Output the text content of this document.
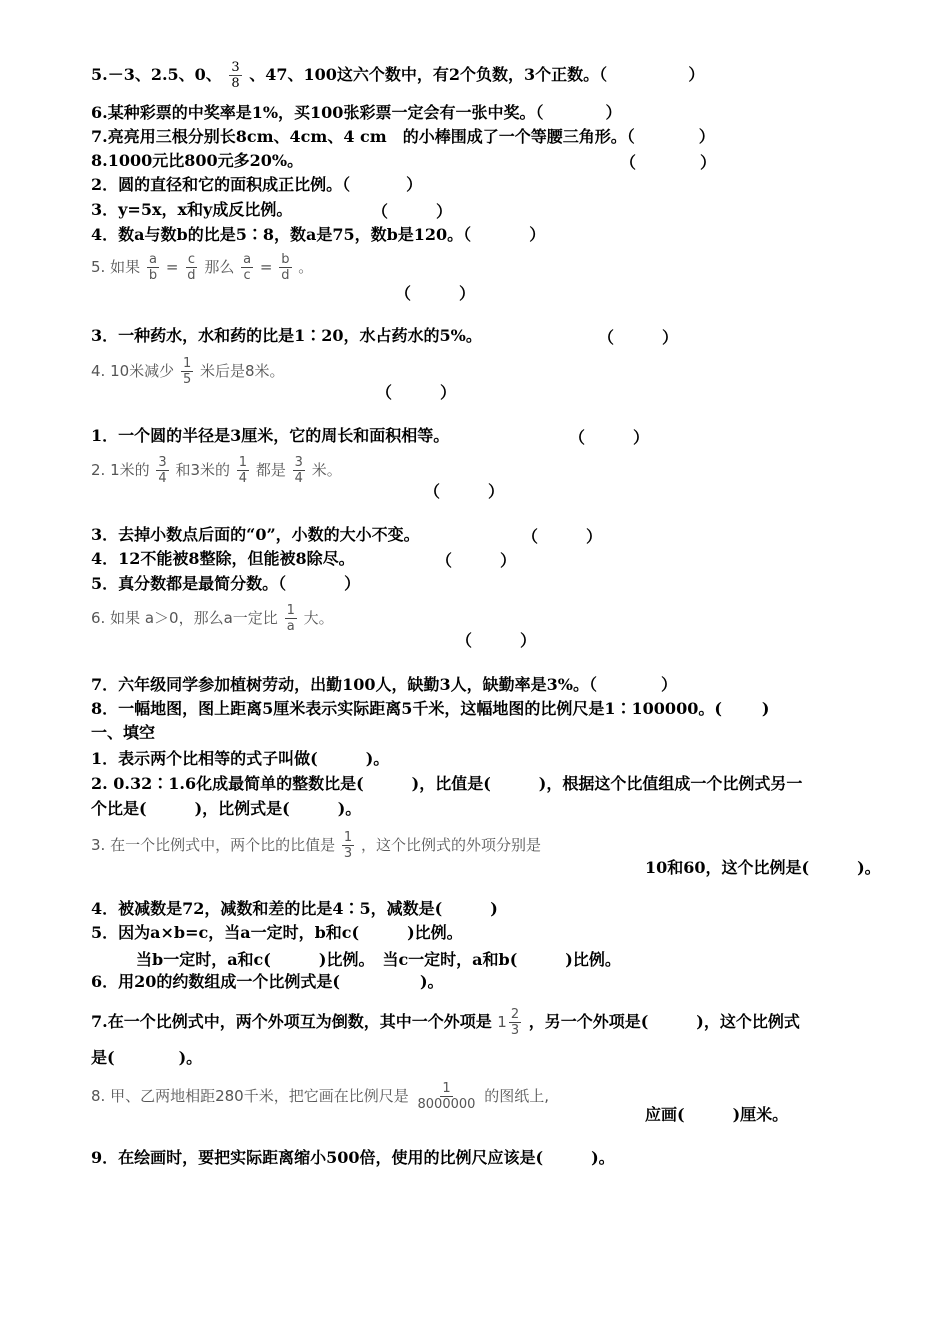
5.－3、2.5、0、 $\frac{3}{8}$ 、47、100这六个数中，有2个负数，3个正数。（	）
6.某种彩票的中奖率是1%，买100张彩票一定会有一张中奖。（	）
7.亮亮用三根分别长8cm、4cm、4 cm　的小棒围成了一个等腰三角形。（	）
8.1000元比800元多20%。	（　　　　）
2．圆的直径和它的面积成正比例。（	）
3．y=5x，x和y成反比例。	（　　　）
4．数a与数b的比是5∶8，数a是75，数b是120。（	）
5. 如果 $\frac{a}{b} = \frac{c}{d}$ 那么 $\frac{a}{c} = \frac{b}{d}$ 。
（　　　）
3．一种药水，水和药的比是1∶20，水占药水的5%。	（　　　）
4. 10米减少 $\frac{1}{5}$ 米后是8米。
（　　　）
1．一个圆的半径是3厘米，它的周长和面积相等。	（　　　）
2. 1米的 $\frac{3}{4}$ 和3米的 $\frac{1}{4}$ 都是 $\frac{3}{4}$ 米。
（　　　）
3．去掉小数点后面的“0”，小数的大小不变。	（　　　）
4．12不能被8整除，但能被8除尽。	（　　　）
5．真分数都是最简分数。（	）
6. 如果 a＞0，那么a一定比 $\frac{1}{a}$ 大。
（　　　）
7．六年级同学参加植树劳动，出勤100人，缺勤3人，缺勤率是3%。（	）
8．一幅地图，图上距离5厘米表示实际距离5千米，这幅地图的比例尺是1∶100000。(	)
一、填空
1．表示两个比相等的式子叫做(　　　)。
2. 0.32∶1.6化成最简单的整数比是(　　　)，比值是(　　　)，根据这个比值组成一个比例式另一
个比是(　　　)，比例式是(　　　)。
3. 在一个比例式中，两个比的比值是 $\frac{1}{3}$ ，这个比例式的外项分别是
10和60，这个比例是(　　　)。
4．被减数是72，减数和差的比是4∶5，减数是(　　　)
5．因为a×b=c，当a一定时，b和c(　　　)比例。
当b一定时，a和c(　　　)比例。　当c一定时，a和b(　　　)比例。
6．用20的约数组成一个比例式是(　　　　　)。
7.在一个比例式中，两个外项互为倒数，其中一个外项是 $1 \frac{2}{3}$ ，另一个外项是(　　　)，这个比例式
是(　　　　)。
8. 甲、乙两地相距280千米，把它画在比例尺是 $\frac{1}{8000000}$ 的图纸上,
应画(　　　)厘米。
9．在绘画时，要把实际距离缩小500倍，使用的比例尺应该是(　　　)。
